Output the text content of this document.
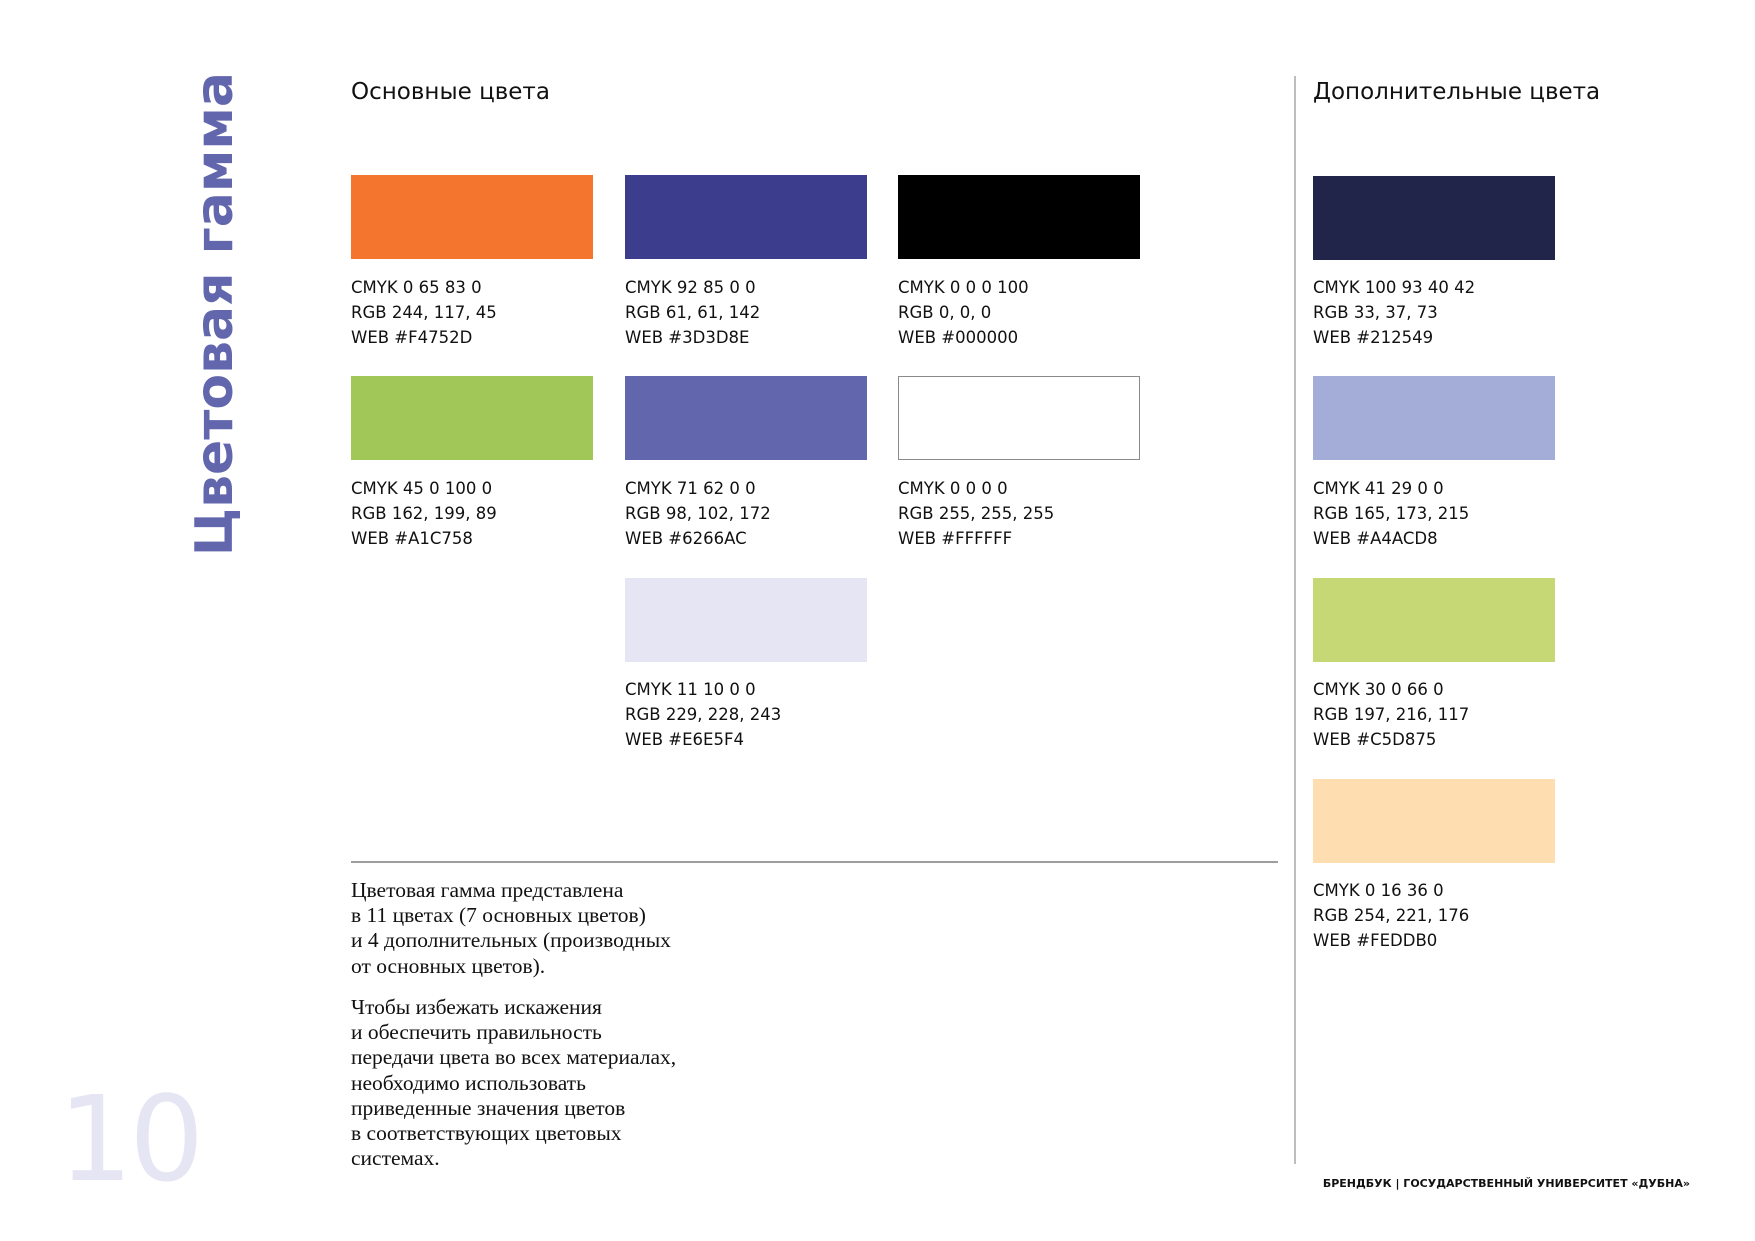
Цветовая гамма
10
Основные цвета	Дополнительные цвета
CMYK 0 65 83 0
RGB 244, 117, 45
WEB #F4752D
CMYK 92 85 0 0
RGB 61, 61, 142
WEB #3D3D8E
CMYK 0 0 0 100
RGB 0, 0, 0
WEB #000000
CMYK 45 0 100 0
RGB 162, 199, 89
WEB #A1C758
CMYK 71 62 0 0
RGB 98, 102, 172
WEB #6266AC
CMYK 0 0 0 0
RGB 255, 255, 255
WEB #FFFFFF
CMYK 11 10 0 0
RGB 229, 228, 243
WEB #E6E5F4
CMYK 100 93 40 42
RGB 33, 37, 73
WEB #212549
CMYK 41 29 0 0
RGB 165, 173, 215
WEB #A4ACD8
CMYK 30 0 66 0
RGB 197, 216, 117
WEB #C5D875
CMYK 0 16 36 0
RGB 254, 221, 176
WEB #FEDDB0
Цветовая гамма представлена
в 11 цветах (7 основных цветов)
и 4 дополнительных (производных
от основных цветов).
Чтобы избежать искажения
и обеспечить правильность
передачи цвета во всех материалах,
необходимо использовать
приведенные значения цветов
в соответствующих цветовых
системах.
БРЕНДБУК | ГОСУДАРСТВЕННЫЙ УНИВЕРСИТЕТ «ДУБНА»
